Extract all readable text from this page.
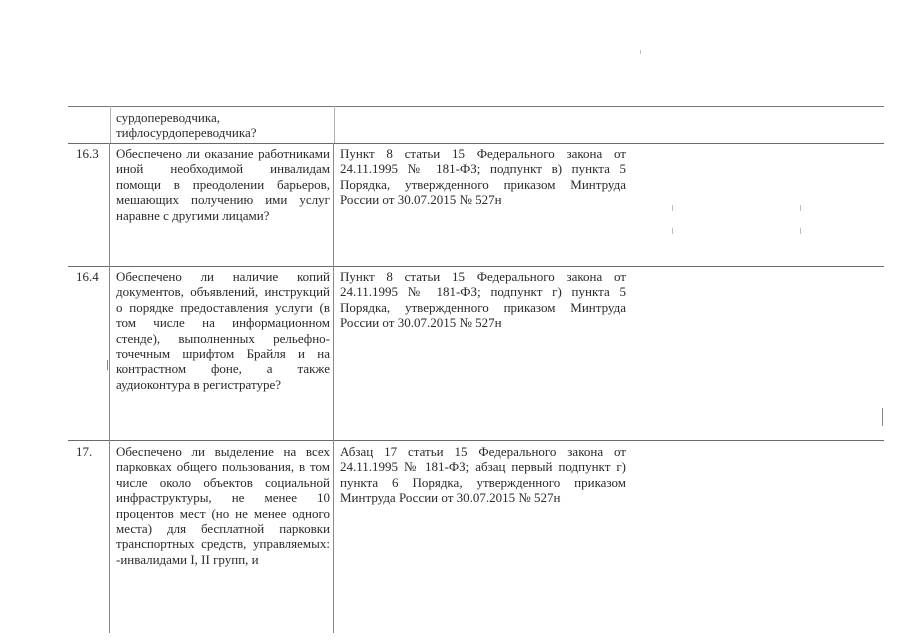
сурдопереводчика,
тифлосурдопереводчика?
16.3 Обеспечено ли оказание работниками иной необходимой инвалидам помощи в преодолении барьеров, мешающих получению ими услуг наравне с другими лицами?
Пункт 8 статьи 15 Федерального закона от 24.11.1995 № 181-ФЗ; подпункт в) пункта 5 Порядка, утвержденного приказом Минтруда России от 30.07.2015 № 527н
16.4 Обеспечено ли наличие копий документов, объявлений, инструкций о порядке предоставления услуги (в том числе на информационном стенде), выполненных рельефно-точечным шрифтом Брайля и на контрастном фоне, а также аудиоконтура в регистратуре?
Пункт 8 статьи 15 Федерального закона от 24.11.1995 № 181-ФЗ; подпункт г) пункта 5 Порядка, утвержденного приказом Минтруда России от 30.07.2015 № 527н
17. Обеспечено ли выделение на всех парковках общего пользования, в том числе около объектов социальной инфраструктуры, не менее 10 процентов мест (но не менее одного места) для бесплатной парковки транспортных средств, управляемых: -инвалидами I, II групп, и
Абзац 17 статьи 15 Федерального закона от 24.11.1995 № 181-ФЗ; абзац первый подпункт г) пункта 6 Порядка, утвержденного приказом Минтруда России от 30.07.2015 № 527н
